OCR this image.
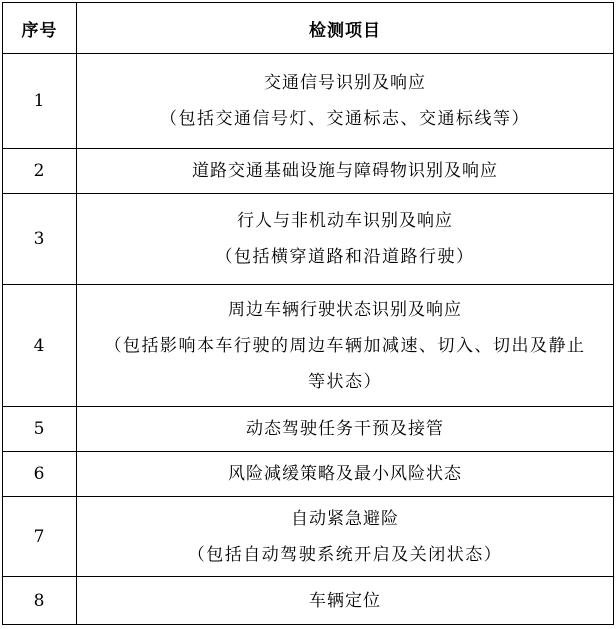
序号	检测项目
1	交通信号识别及响应
（包括交通信号灯、交通标志、交通标线等）

2	道路交通基础设施与障碍物识别及响应

3	行人与非机动车识别及响应
（包括横穿道路和沿道路行驶）

4	周边车辆行驶状态识别及响应
（包括影响本车行驶的周边车辆加减速、切入、切出及静止
等状态）

5	动态驾驶任务干预及接管

6	风险减缓策略及最小风险状态

7	自动紧急避险
（包括自动驾驶系统开启及关闭状态）

8	车辆定位
